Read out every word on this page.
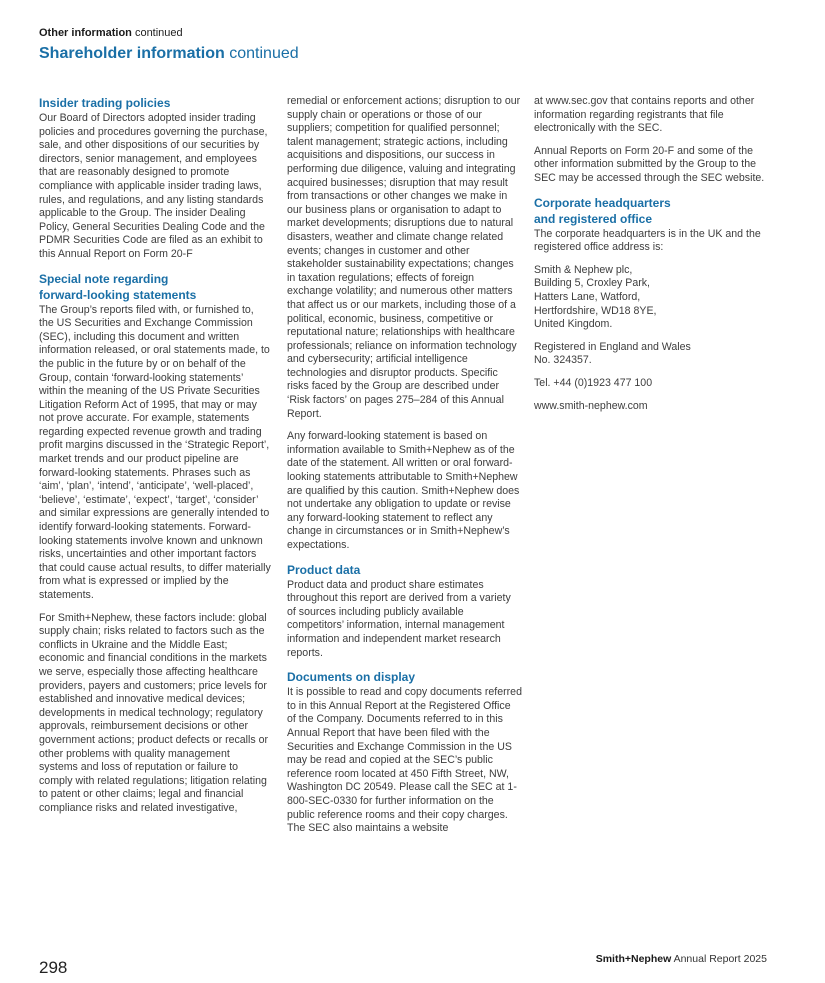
Other information continued
Shareholder information continued
Insider trading policies

Our Board of Directors adopted insider trading policies and procedures governing the purchase, sale, and other dispositions of our securities by directors, senior management, and employees that are reasonably designed to promote compliance with applicable insider trading laws, rules, and regulations, and any listing standards applicable to the Group. The insider Dealing Policy, General Securities Dealing Code and the PDMR Securities Code are filed as an exhibit to this Annual Report on Form 20-F

Special note regarding
forward-looking statements

The Group’s reports filed with, or furnished to, the US Securities and Exchange Commission (SEC), including this document and written information released, or oral statements made, to the public in the future by or on behalf of the Group, contain ‘forward-looking statements’ within the meaning of the US Private Securities Litigation Reform Act of 1995, that may or may not prove accurate. For example, statements regarding expected revenue growth and trading profit margins discussed in the ‘Strategic Report’, market trends and our product pipeline are forward-looking statements. Phrases such as ‘aim’, ‘plan’, ‘intend’, ‘anticipate’, ‘well-placed’, ‘believe’, ‘estimate’, ‘expect’, ‘target’, ‘consider’ and similar expressions are generally intended to identify forward-looking statements. Forward-looking statements involve known and unknown risks, uncertainties and other important factors that could cause actual results, to differ materially from what is expressed or implied by the statements.

For Smith+Nephew, these factors include: global supply chain; risks related to factors such as the conflicts in Ukraine and the Middle East; economic and financial conditions in the markets we serve, especially those affecting healthcare providers, payers and customers; price levels for established and innovative medical devices; developments in medical technology; regulatory approvals, reimbursement decisions or other government actions; product defects or recalls or other problems with quality management systems and loss of reputation or failure to comply with related regulations; litigation relating to patent or other claims; legal and financial compliance risks and related investigative,

remedial or enforcement actions; disruption to our supply chain or operations or those of our suppliers; competition for qualified personnel; talent management; strategic actions, including acquisitions and dispositions, our success in performing due diligence, valuing and integrating acquired businesses; disruption that may result from transactions or other changes we make in our business plans or organisation to adapt to market developments; disruptions due to natural disasters, weather and climate change related events; changes in customer and other stakeholder sustainability expectations; changes in taxation regulations; effects of foreign exchange volatility; and numerous other matters that affect us or our markets, including those of a political, economic, business, competitive or reputational nature; relationships with healthcare professionals; reliance on information technology and cybersecurity; artificial intelligence technologies and disruptor products. Specific risks faced by the Group are described under ‘Risk factors’ on pages 275–284 of this Annual Report.

Any forward-looking statement is based on information available to Smith+Nephew as of the date of the statement. All written or oral forward-looking statements attributable to Smith+Nephew are qualified by this caution. Smith+Nephew does not undertake any obligation to update or revise any forward-looking statement to reflect any change in circumstances or in Smith+Nephew’s expectations.

Product data

Product data and product share estimates throughout this report are derived from a variety of sources including publicly available competitors’ information, internal management information and independent market research reports.

Documents on display

It is possible to read and copy documents referred to in this Annual Report at the Registered Office of the Company. Documents referred to in this Annual Report that have been filed with the Securities and Exchange Commission in the US may be read and copied at the SEC’s public reference room located at 450 Fifth Street, NW, Washington DC 20549. Please call the SEC at 1-800-SEC-0330 for further information on the public reference rooms and their copy charges. The SEC also maintains a website

at www.sec.gov that contains reports and other information regarding registrants that file electronically with the SEC.

Annual Reports on Form 20-F and some of the other information submitted by the Group to the SEC may be accessed through the SEC website.

Corporate headquarters
and registered office

The corporate headquarters is in the UK and the registered office address is:

Smith & Nephew plc,
Building 5, Croxley Park,
Hatters Lane, Watford,
Hertfordshire, WD18 8YE,
United Kingdom.

Registered in England and Wales
No. 324357.

Tel. +44 (0)1923 477 100

www.smith-nephew.com

298	Smith+Nephew Annual Report 2025
